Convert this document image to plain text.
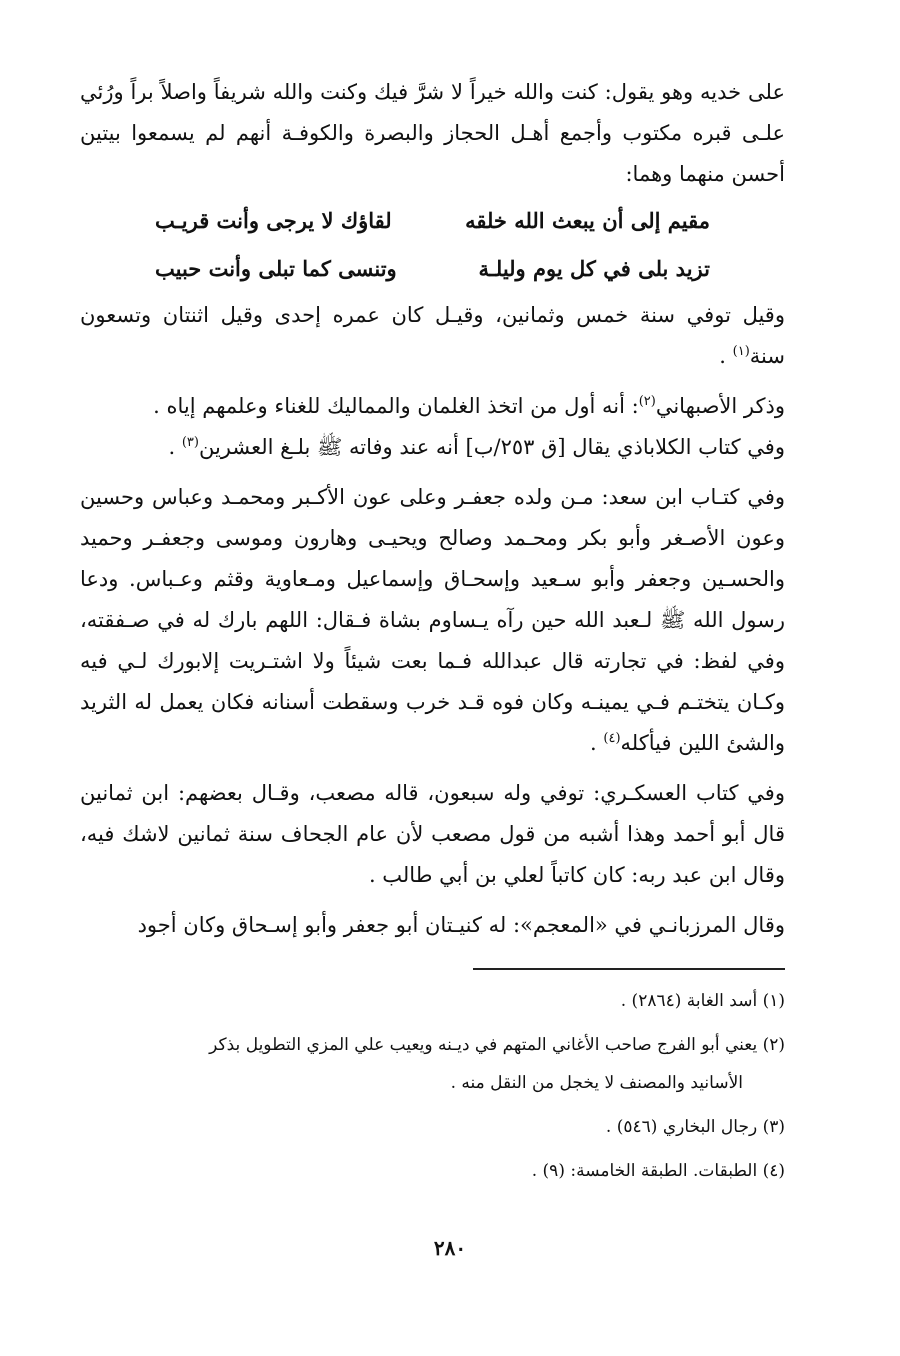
على خديه وهو يقول: كنت والله خيراً لا شرَّ فيك وكنت والله شريفاً واصلاً براً ورُئي علـى قبره مكتوب وأجمع أهـل الحجاز والبصرة والكوفـة أنهم لم يسمعوا بيتين أحسن منهما وهما:

مقيم إلى أن يبعث الله خلقه
لقاؤك لا يرجى وأنت قريـب
تزيد بلى في كل يوم وليلـة
وتنسى كما تبلى وأنت حبيب

وقيل توفي سنة خمس وثمانين، وقيـل كان عمره إحدى وقيل اثنتان وتسعون سنة$^{(١)}$ .

وذكر الأصبهاني$^{(٢)}$: أنه أول من اتخذ الغلمان والمماليك للغناء وعلمهم إياه .

وفي كتاب الكلاباذي يقال [ق ٢٥٣/ب] أنه عند وفاته ﷺ بلـغ العشرين$^{(٣)}$ .

وفي كتـاب ابن سعد: مـن ولده جعفـر وعلى عون الأكـبر ومحمـد وعباس وحسين وعون الأصـغر وأبو بكر ومحـمد وصالح ويحيـى وهارون وموسى وجعفـر وحميد والحسـين وجعفر وأبو سـعيد وإسحـاق وإسماعيل ومـعاوية وقثم وعـباس. ودعا رسول الله ﷺ لـعبد الله حين رآه يـساوم بشاة فـقال: اللهم بارك له في صـفقته، وفي لفظ: في تجارته قال عبدالله فـما بعت شيئاً ولا اشتـريت إلابورك لـي فيه وكـان يتختـم فـي يمينـه وكان فوه قـد خرب وسقطت أسنانه فكان يعمل له الثريد والشئ اللين فيأكله$^{(٤)}$ .

وفي كتاب العسكـري: توفي وله سبعون، قاله مصعب، وقـال بعضهم: ابن ثمانين قال أبو أحمد وهذا أشبه من قول مصعب لأن عام الجحاف سنة ثمانين لاشك فيه، وقال ابن عبد ربه: كان كاتباً لعلي بن أبي طالب .

وقال المرزبانـي في «المعجم»: له كنيـتان أبو جعفر وأبو إسـحاق وكان أجود

(١) أسد الغابة (٢٨٦٤) .

(٢) يعني أبو الفرج صاحب الأغاني المتهم في ديـنه ويعيب علي المزي التطويل بذكر
الأسانيد والمصنف لا يخجل من النقل منه .

(٣) رجال البخاري (٥٤٦) .

(٤) الطبقات. الطبقة الخامسة: (٩) .

٢٨٠
